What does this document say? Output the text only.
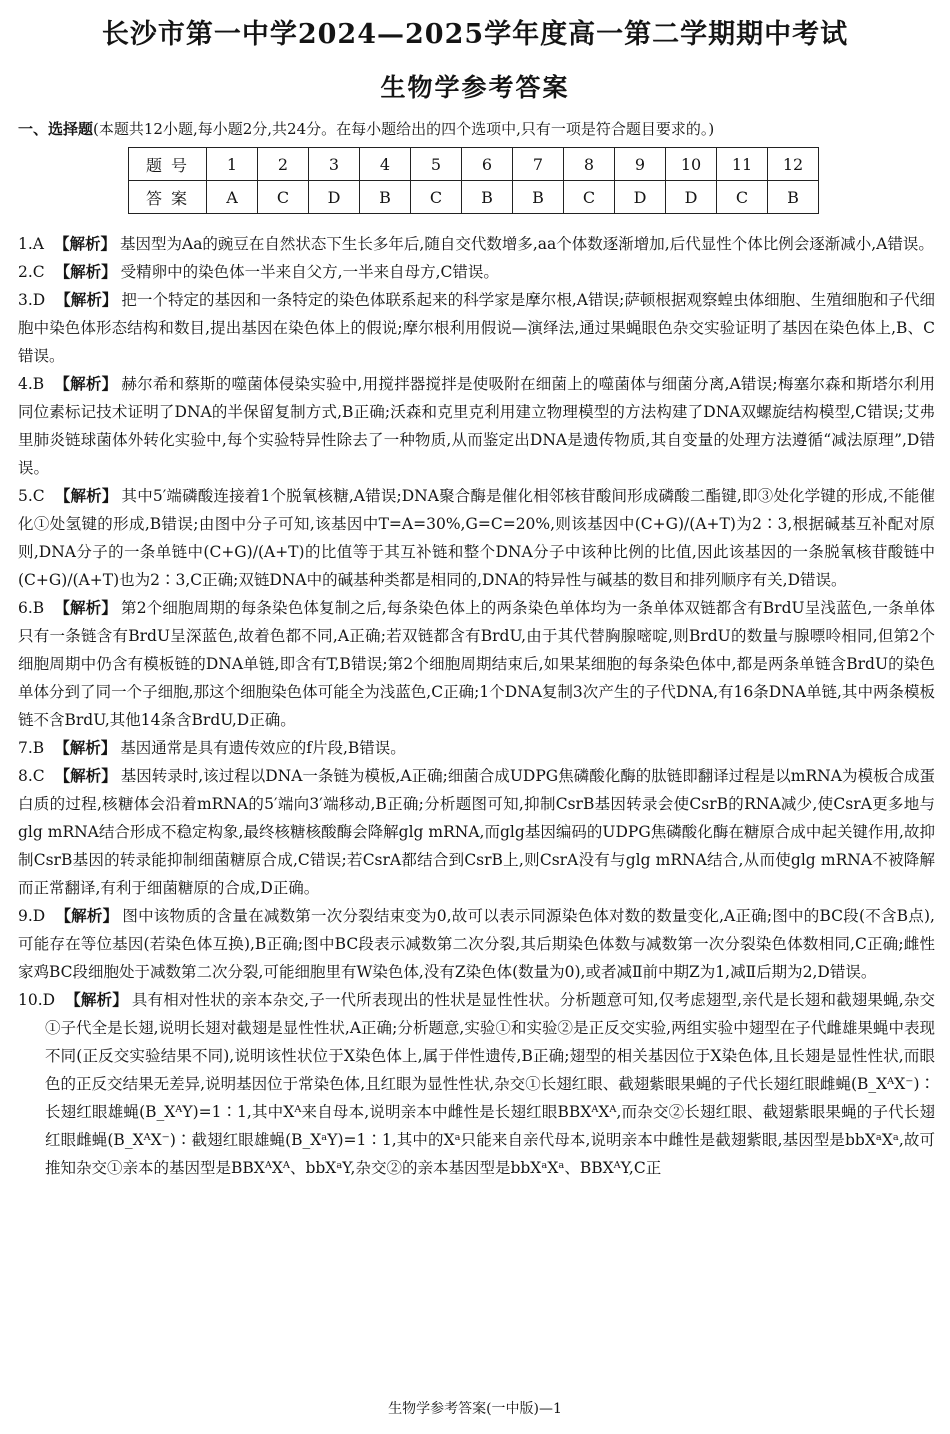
长沙市第一中学2024—2025学年度高一第二学期期中考试
生物学参考答案
一、选择题(本题共12小题,每小题2分,共24分。在每小题给出的四个选项中,只有一项是符合题目要求的。)
题 号	1	2	3	4	5	6	7	8	9	10	11	12
答 案	A	C	D	B	C	B	B	C	D	D	C	B

1.A 【解析】 基因型为Aa的豌豆在自然状态下生长多年后,随自交代数增多,aa个体数逐渐增加,后代显性个体比例会逐渐减小,A错误。

2.C 【解析】 受精卵中的染色体一半来自父方,一半来自母方,C错误。

3.D 【解析】 把一个特定的基因和一条特定的染色体联系起来的科学家是摩尔根,A错误;萨顿根据观察蝗虫体细胞、生殖细胞和子代细胞中染色体形态结构和数目,提出基因在染色体上的假说;摩尔根利用假说—演绎法,通过果蝇眼色杂交实验证明了基因在染色体上,B、C错误。

4.B 【解析】 赫尔希和蔡斯的噬菌体侵染实验中,用搅拌器搅拌是使吸附在细菌上的噬菌体与细菌分离,A错误;梅塞尔森和斯塔尔利用同位素标记技术证明了DNA的半保留复制方式,B正确;沃森和克里克利用建立物理模型的方法构建了DNA双螺旋结构模型,C错误;艾弗里肺炎链球菌体外转化实验中,每个实验特异性除去了一种物质,从而鉴定出DNA是遗传物质,其自变量的处理方法遵循“减法原理”,D错误。

5.C 【解析】 其中5′端磷酸连接着1个脱氧核糖,A错误;DNA聚合酶是催化相邻核苷酸间形成磷酸二酯键,即③处化学键的形成,不能催化①处氢键的形成,B错误;由图中分子可知,该基因中T=A=30%,G=C=20%,则该基因中(C+G)/(A+T)为2∶3,根据碱基互补配对原则,DNA分子的一条单链中(C+G)/(A+T)的比值等于其互补链和整个DNA分子中该种比例的比值,因此该基因的一条脱氧核苷酸链中(C+G)/(A+T)也为2∶3,C正确;双链DNA中的碱基种类都是相同的,DNA的特异性与碱基的数目和排列顺序有关,D错误。

6.B 【解析】 第2个细胞周期的每条染色体复制之后,每条染色体上的两条染色单体均为一条单体双链都含有BrdU呈浅蓝色,一条单体只有一条链含有BrdU呈深蓝色,故着色都不同,A正确;若双链都含有BrdU,由于其代替胸腺嘧啶,则BrdU的数量与腺嘌呤相同,但第2个细胞周期中仍含有模板链的DNA单链,即含有T,B错误;第2个细胞周期结束后,如果某细胞的每条染色体中,都是两条单链含BrdU的染色单体分到了同一个子细胞,那这个细胞染色体可能全为浅蓝色,C正确;1个DNA复制3次产生的子代DNA,有16条DNA单链,其中两条模板链不含BrdU,其他14条含BrdU,D正确。

7.B 【解析】 基因通常是具有遗传效应的f片段,B错误。

8.C 【解析】 基因转录时,该过程以DNA一条链为模板,A正确;细菌合成UDPG焦磷酸化酶的肽链即翻译过程是以mRNA为模板合成蛋白质的过程,核糖体会沿着mRNA的5′端向3′端移动,B正确;分析题图可知,抑制CsrB基因转录会使CsrB的RNA减少,使CsrA更多地与glg mRNA结合形成不稳定构象,最终核糖核酸酶会降解glg mRNA,而glg基因编码的UDPG焦磷酸化酶在糖原合成中起关键作用,故抑制CsrB基因的转录能抑制细菌糖原合成,C错误;若CsrA都结合到CsrB上,则CsrA没有与glg mRNA结合,从而使glg mRNA不被降解而正常翻译,有利于细菌糖原的合成,D正确。

9.D 【解析】 图中该物质的含量在减数第一次分裂结束变为0,故可以表示同源染色体对数的数量变化,A正确;图中的BC段(不含B点),可能存在等位基因(若染色体互换),B正确;图中BC段表示减数第二次分裂,其后期染色体数与减数第一次分裂染色体数相同,C正确;雌性家鸡BC段细胞处于减数第二次分裂,可能细胞里有W染色体,没有Z染色体(数量为0),或者减Ⅱ前中期Z为1,减Ⅱ后期为2,D错误。

10.D 【解析】 具有相对性状的亲本杂交,子一代所表现出的性状是显性性状。分析题意可知,仅考虑翅型,亲代是长翅和截翅果蝇,杂交①子代全是长翅,说明长翅对截翅是显性性状,A正确;分析题意,实验①和实验②是正反交实验,两组实验中翅型在子代雌雄果蝇中表现不同(正反交实验结果不同),说明该性状位于X染色体上,属于伴性遗传,B正确;翅型的相关基因位于X染色体,且长翅是显性性状,而眼色的正反交结果无差异,说明基因位于常染色体,且红眼为显性性状,杂交①长翅红眼、截翅紫眼果蝇的子代长翅红眼雌蝇(B_XᴬX⁻)∶长翅红眼雄蝇(B_XᴬY)=1∶1,其中Xᴬ来自母本,说明亲本中雌性是长翅红眼BBXᴬXᴬ,而杂交②长翅红眼、截翅紫眼果蝇的子代长翅红眼雌蝇(B_XᴬX⁻)∶截翅红眼雄蝇(B_XᵃY)=1∶1,其中的Xᵃ只能来自亲代母本,说明亲本中雌性是截翅紫眼,基因型是bbXᵃXᵃ,故可推知杂交①亲本的基因型是BBXᴬXᴬ、bbXᵃY,杂交②的亲本基因型是bbXᵃXᵃ、BBXᴬY,C正

生物学参考答案(一中版)—1
